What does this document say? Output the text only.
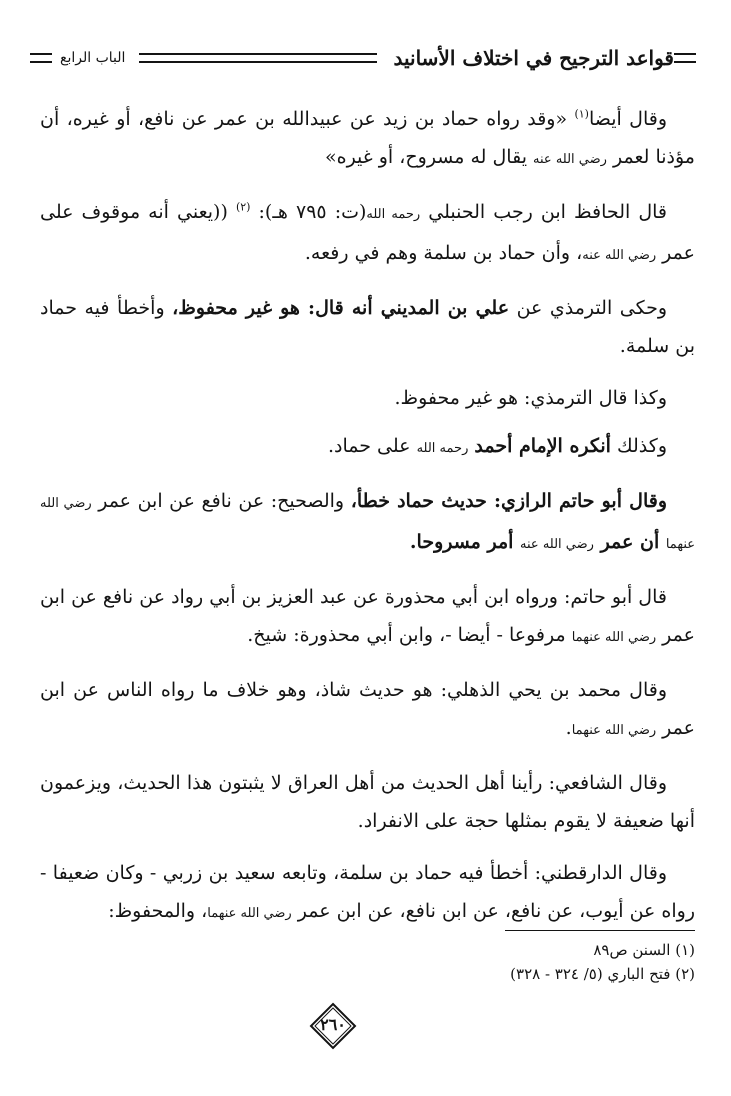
قواعد الترجيح في اختلاف الأسانيد
الباب الرابع

وقال أيضا$^{(١)}$ «وقد رواه حماد بن زيد عن عبيدالله بن عمر عن نافع، أو غيره، أن مؤذنا لعمر رضي الله عنه يقال له مسروح، أو غيره»

قال الحافظ ابن رجب الحنبلي رحمه الله(ت: ٧٩٥ هـ): $^{(٢)}$ ((يعني أنه موقوف على عمر رضي الله عنه، وأن حماد بن سلمة وهم في رفعه.

وحكى الترمذي عن علي بن المديني أنه قال: هو غير محفوظ، وأخطأ فيه حماد بن سلمة.

وكذا قال الترمذي: هو غير محفوظ.

وكذلك أنكره الإمام أحمد رحمه الله على حماد.

وقال أبو حاتم الرازي: حديث حماد خطأ، والصحيح: عن نافع عن ابن عمر رضي الله عنهما أن عمر رضي الله عنه أمر مسروحا.

قال أبو حاتم: ورواه ابن أبي محذورة عن عبد العزيز بن أبي رواد عن نافع عن ابن عمر رضي الله عنهما مرفوعا - أيضا -، وابن أبي محذورة: شيخ.

وقال محمد بن يحي الذهلي: هو حديث شاذ، وهو خلاف ما رواه الناس عن ابن عمر رضي الله عنهما.

وقال الشافعي: رأينا أهل الحديث من أهل العراق لا يثبتون هذا الحديث، ويزعمون أنها ضعيفة لا يقوم بمثلها حجة على الانفراد.

وقال الدارقطني: أخطأ فيه حماد بن سلمة، وتابعه سعيد بن زربي - وكان ضعيفا - رواه عن أيوب، عن نافع، عن ابن نافع، عن ابن عمر رضي الله عنهما، والمحفوظ:

(١) السنن ص٨٩

(٢) فتح الباري (٥/ ٣٢٤ - ٣٢٨)

٢٦٠
